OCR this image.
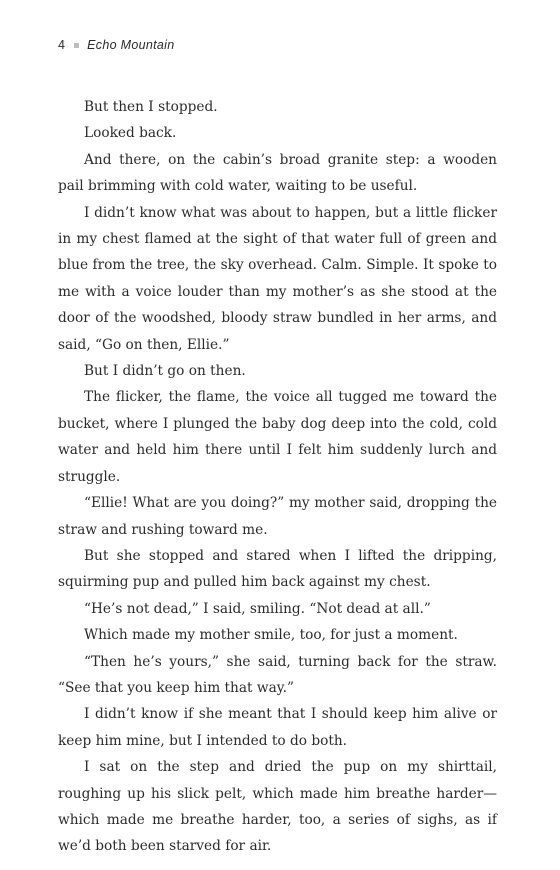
4 Echo Mountain

But then I stopped.

Looked back.

And there, on the cabin’s broad granite step: a wooden pail brimming with cold water, waiting to be useful.

I didn’t know what was about to happen, but a little flicker in my chest flamed at the sight of that water full of green and blue from the tree, the sky overhead. Calm. Simple. It spoke to me with a voice louder than my mother’s as she stood at the door of the woodshed, bloody straw bundled in her arms, and said, “Go on then, Ellie.”

But I didn’t go on then.

The flicker, the flame, the voice all tugged me toward the bucket, where I plunged the baby dog deep into the cold, cold water and held him there until I felt him suddenly lurch and struggle.

“Ellie! What are you doing?” my mother said, dropping the straw and rushing toward me.

But she stopped and stared when I lifted the dripping, squirming pup and pulled him back against my chest.

“He’s not dead,” I said, smiling. “Not dead at all.”

Which made my mother smile, too, for just a moment.

“Then he’s yours,” she said, turning back for the straw. “See that you keep him that way.”

I didn’t know if she meant that I should keep him alive or keep him mine, but I intended to do both.

I sat on the step and dried the pup on my shirttail, roughing up his slick pelt, which made him breathe harder—which made me breathe harder, too, a series of sighs, as if we’d both been starved for air.
